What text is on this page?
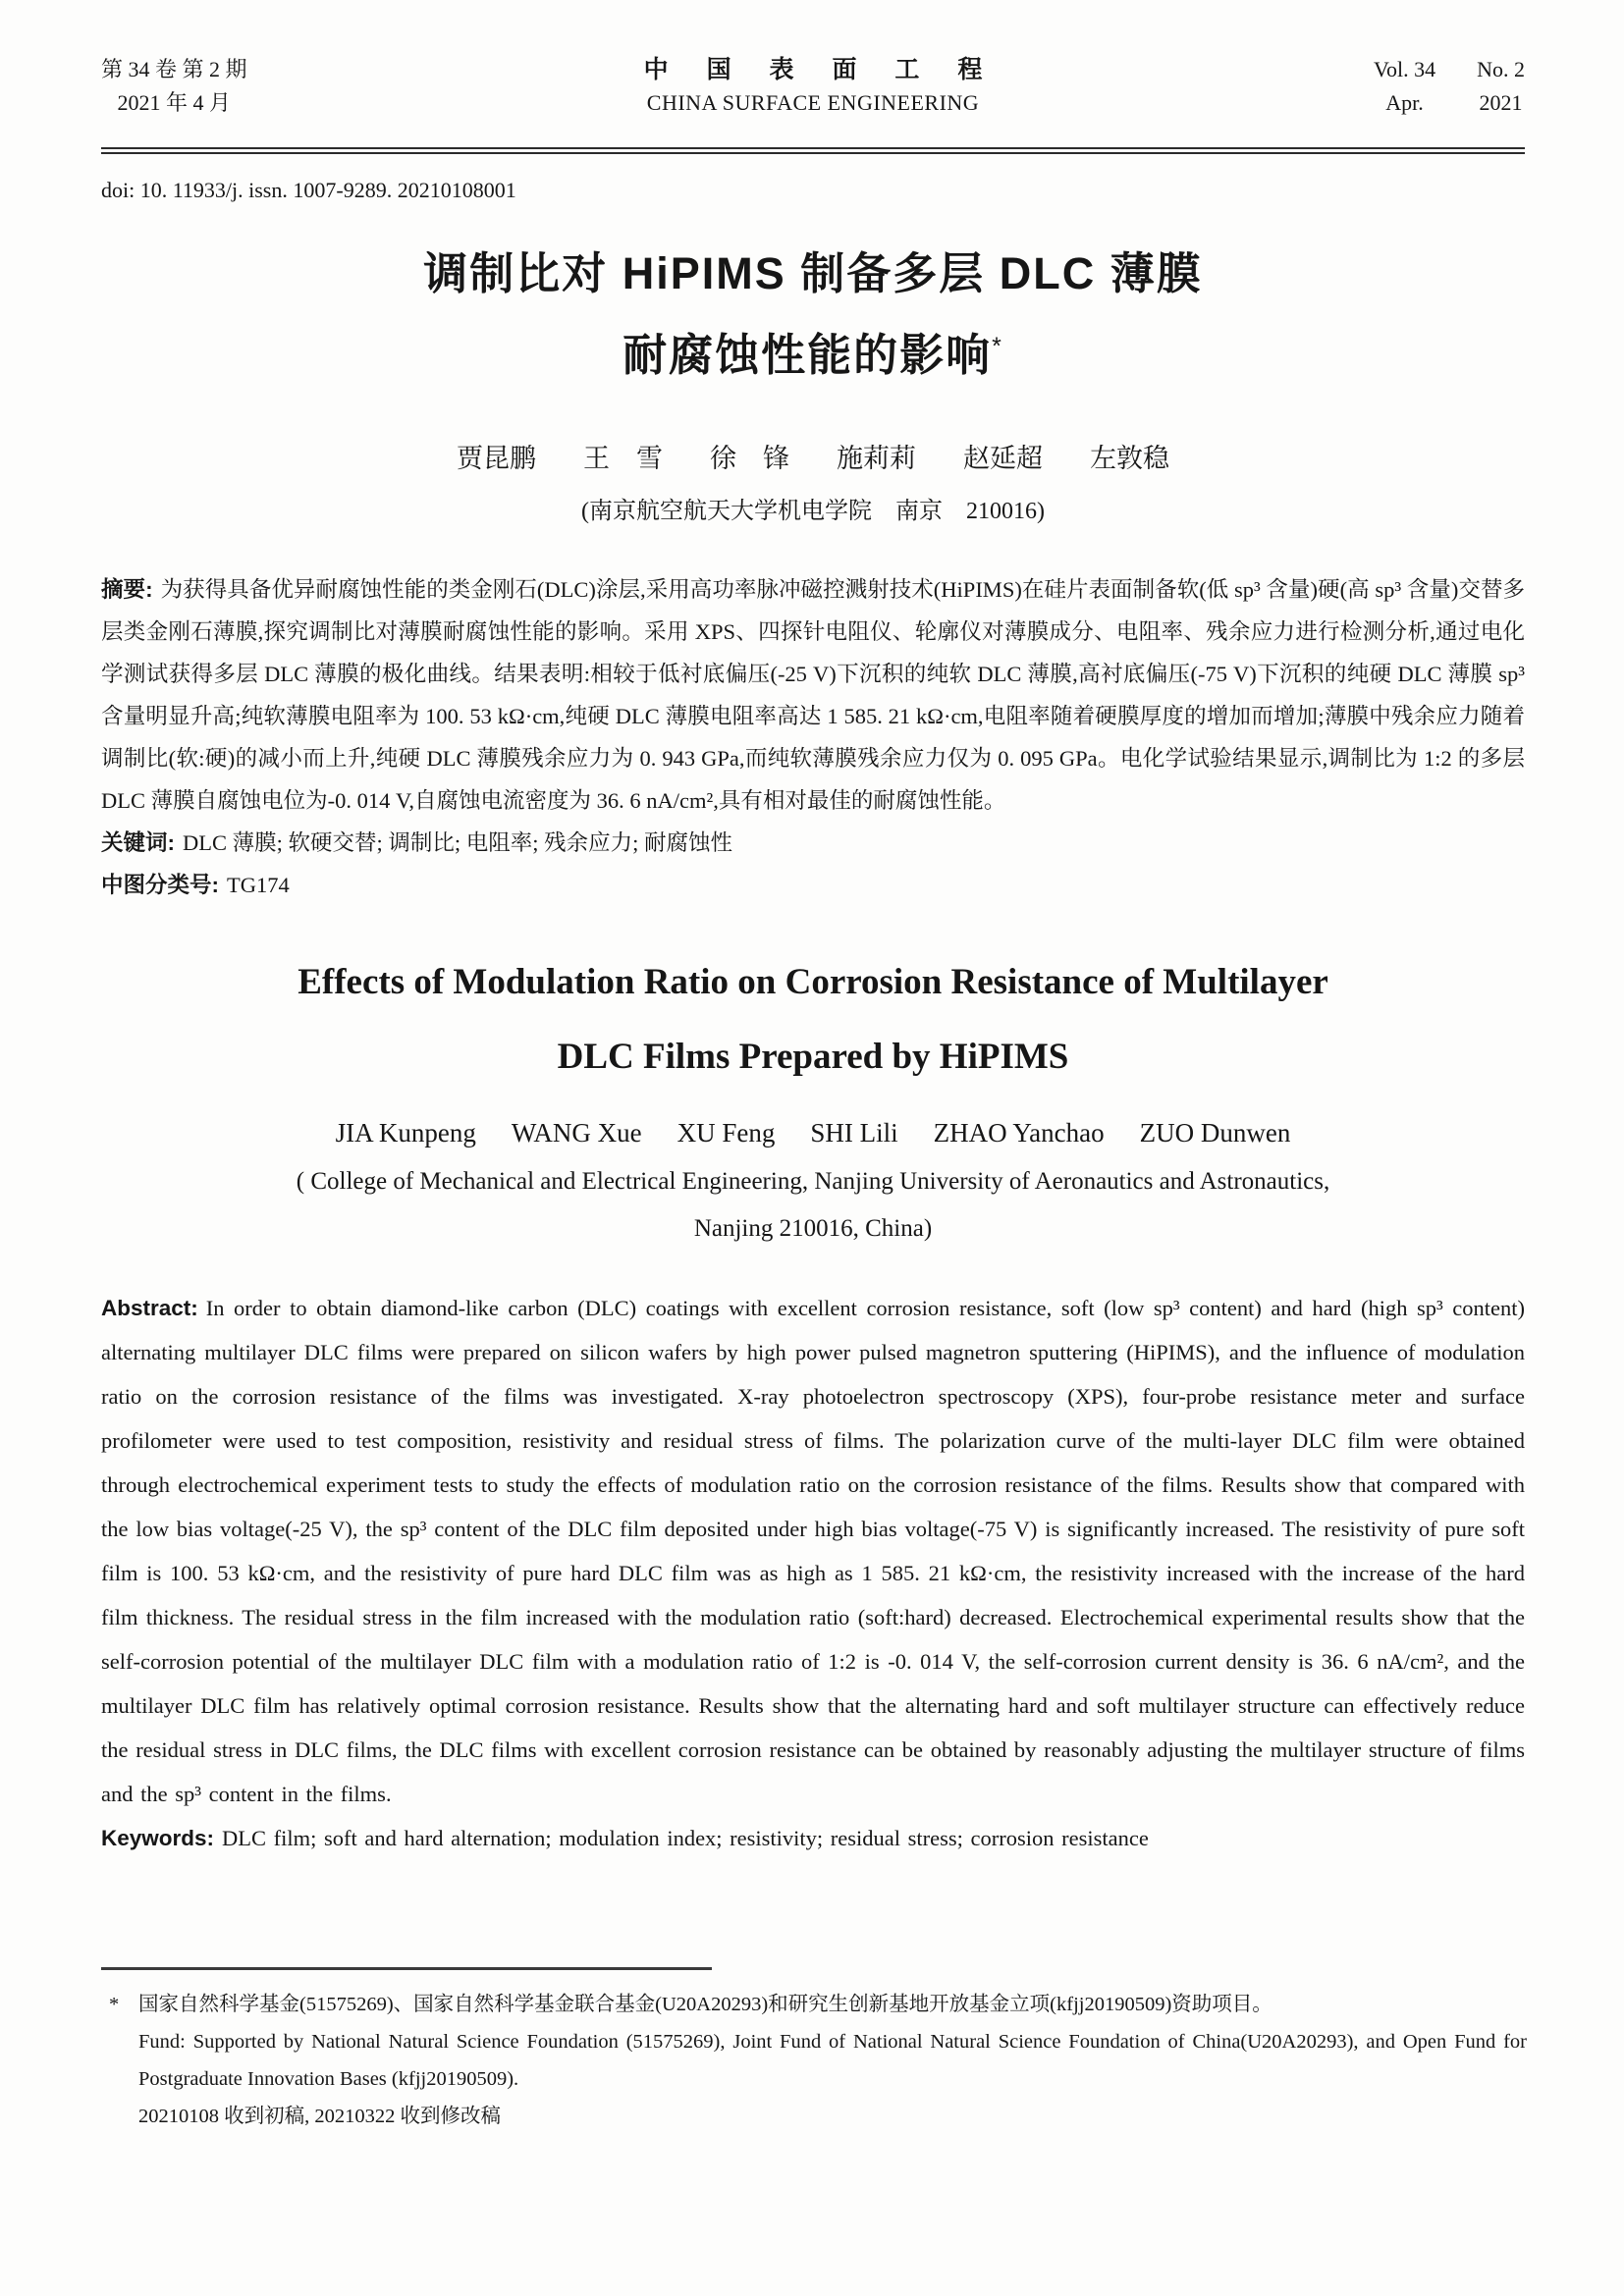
第 34 卷 第 2 期
2021 年 4 月
中 国 表 面 工 程
CHINA SURFACE ENGINEERING
Vol. 34 No. 2
Apr.	2021
doi: 10. 11933/j. issn. 1007-9289. 20210108001
调制比对 HiPIMS 制备多层 DLC 薄膜
耐腐蚀性能的影响*
贾昆鹏 王　雪 徐　锋 施莉莉 赵延超 左敦稳
(南京航空航天大学机电学院　南京　210016)

摘要: 为获得具备优异耐腐蚀性能的类金刚石(DLC)涂层,采用高功率脉冲磁控溅射技术(HiPIMS)在硅片表面制备软(低 sp³ 含量)硬(高 sp³ 含量)交替多层类金刚石薄膜,探究调制比对薄膜耐腐蚀性能的影响。采用 XPS、四探针电阻仪、轮廓仪对薄膜成分、电阻率、残余应力进行检测分析,通过电化学测试获得多层 DLC 薄膜的极化曲线。结果表明:相较于低衬底偏压(-25 V)下沉积的纯软 DLC 薄膜,高衬底偏压(-75 V)下沉积的纯硬 DLC 薄膜 sp³ 含量明显升高;纯软薄膜电阻率为 100. 53 kΩ·cm,纯硬 DLC 薄膜电阻率高达 1 585. 21 kΩ·cm,电阻率随着硬膜厚度的增加而增加;薄膜中残余应力随着调制比(软:硬)的减小而上升,纯硬 DLC 薄膜残余应力为 0. 943 GPa,而纯软薄膜残余应力仅为 0. 095 GPa。电化学试验结果显示,调制比为 1:2 的多层 DLC 薄膜自腐蚀电位为-0. 014 V,自腐蚀电流密度为 36. 6 nA/cm²,具有相对最佳的耐腐蚀性能。

关键词: DLC 薄膜; 软硬交替; 调制比; 电阻率; 残余应力; 耐腐蚀性

中图分类号: TG174

Effects of Modulation Ratio on Corrosion Resistance of Multilayer
DLC Films Prepared by HiPIMS
JIA Kunpeng WANG Xue XU Feng SHI Lili ZHAO Yanchao ZUO Dunwen
( College of Mechanical and Electrical Engineering, Nanjing University of Aeronautics and Astronautics,
Nanjing 210016, China)

Abstract: In order to obtain diamond-like carbon (DLC) coatings with excellent corrosion resistance, soft (low sp³ content) and hard (high sp³ content) alternating multilayer DLC films were prepared on silicon wafers by high power pulsed magnetron sputtering (HiPIMS), and the influence of modulation ratio on the corrosion resistance of the films was investigated. X-ray photoelectron spectroscopy (XPS), four-probe resistance meter and surface profilometer were used to test composition, resistivity and residual stress of films. The polarization curve of the multi-layer DLC film were obtained through electrochemical experiment tests to study the effects of modulation ratio on the corrosion resistance of the films. Results show that compared with the low bias voltage(-25 V), the sp³ content of the DLC film deposited under high bias voltage(-75 V) is significantly increased. The resistivity of pure soft film is 100. 53 kΩ·cm, and the resistivity of pure hard DLC film was as high as 1 585. 21 kΩ·cm, the resistivity increased with the increase of the hard film thickness. The residual stress in the film increased with the modulation ratio (soft:hard) decreased. Electrochemical experimental results show that the self-corrosion potential of the multilayer DLC film with a modulation ratio of 1:2 is -0. 014 V, the self-corrosion current density is 36. 6 nA/cm², and the multilayer DLC film has relatively optimal corrosion resistance. Results show that the alternating hard and soft multilayer structure can effectively reduce the residual stress in DLC films, the DLC films with excellent corrosion resistance can be obtained by reasonably adjusting the multilayer structure of films and the sp³ content in the films.

Keywords: DLC film; soft and hard alternation; modulation index; resistivity; residual stress; corrosion resistance

* 国家自然科学基金(51575269)、国家自然科学基金联合基金(U20A20293)和研究生创新基地开放基金立项(kfjj20190509)资助项目。
Fund: Supported by National Natural Science Foundation (51575269), Joint Fund of National Natural Science Foundation of China(U20A20293), and Open Fund for Postgraduate Innovation Bases (kfjj20190509).
20210108 收到初稿, 20210322 收到修改稿
